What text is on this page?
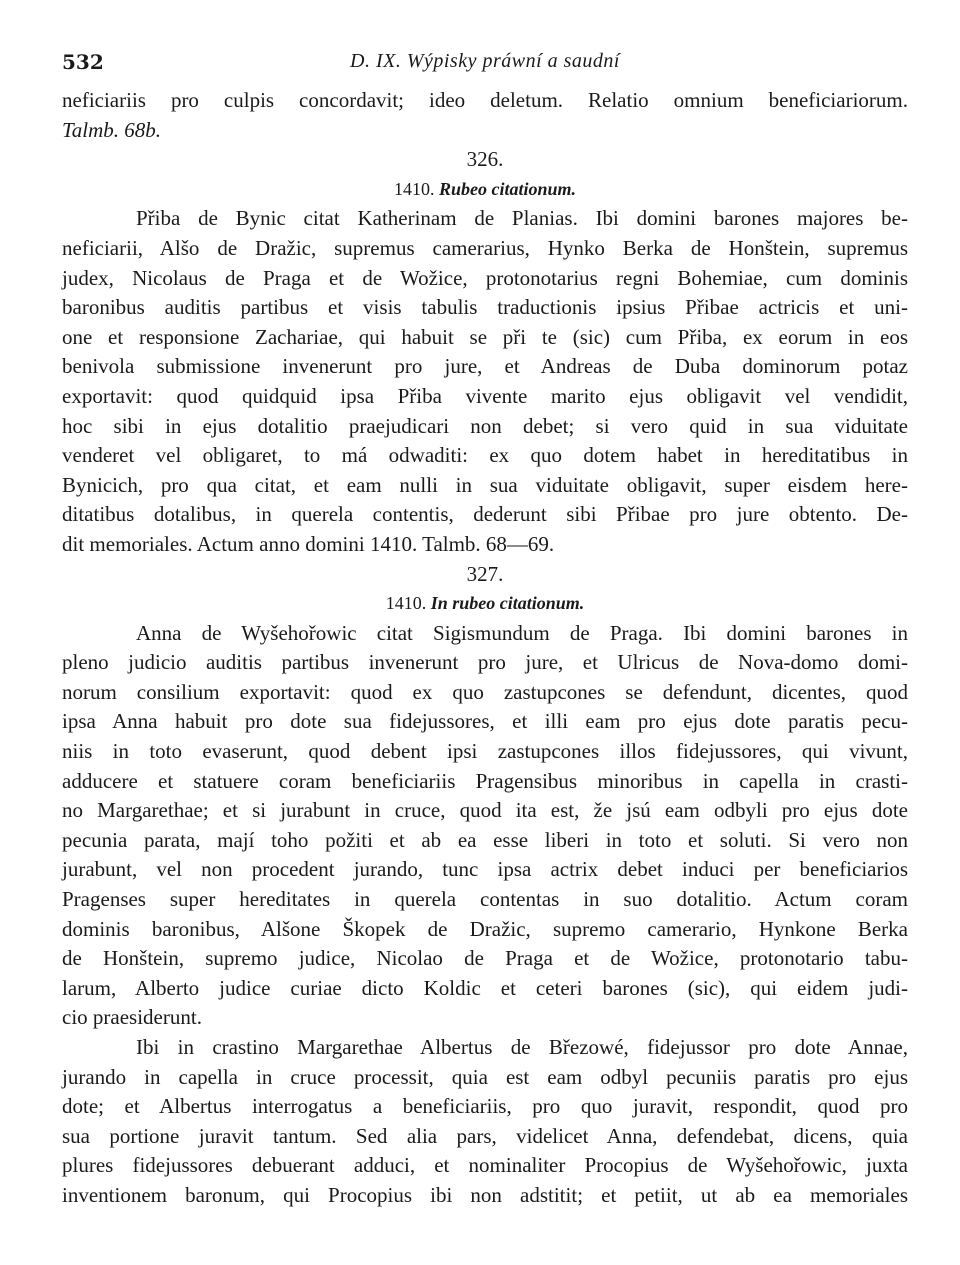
532	D. IX. Wýpisky práwní a saudní
neficiariis pro culpis concordavit; ideo deletum. Relatio omnium beneficiariorum.
Talmb. 68b.
326.
1410. Rubeo citationum.
Přiba de Bynic citat Katherinam de Planias. Ibi domini barones majores be-
neficiarii, Alšo de Dražic, supremus camerarius, Hynko Berka de Honštein, supremus
judex, Nicolaus de Praga et de Wožice, protonotarius regni Bohemiae, cum dominis
baronibus auditis partibus et visis tabulis traductionis ipsius Přibae actricis et uni-
one et responsione Zachariae, qui habuit se při te (sic) cum Přiba, ex eorum in eos
benivola submissione invenerunt pro jure, et Andreas de Duba dominorum potaz
exportavit: quod quidquid ipsa Přiba vivente marito ejus obligavit vel vendidit,
hoc sibi in ejus dotalitio praejudicari non debet; si vero quid in sua viduitate
venderet vel obligaret, to má odwaditi: ex quo dotem habet in hereditatibus in
Bynicich, pro qua citat, et eam nulli in sua viduitate obligavit, super eisdem here-
ditatibus dotalibus, in querela contentis, dederunt sibi Přibae pro jure obtento. De-
dit memoriales. Actum anno domini 1410. Talmb. 68—69.
327.
1410. In rubeo citationum.
Anna de Wyšehořowic citat Sigismundum de Praga. Ibi domini barones in
pleno judicio auditis partibus invenerunt pro jure, et Ulricus de Nova-domo domi-
norum consilium exportavit: quod ex quo zastupcones se defendunt, dicentes, quod
ipsa Anna habuit pro dote sua fidejussores, et illi eam pro ejus dote paratis pecu-
niis in toto evaserunt, quod debent ipsi zastupcones illos fidejussores, qui vivunt,
adducere et statuere coram beneficiariis Pragensibus minoribus in capella in crasti-
no Margarethae; et si jurabunt in cruce, quod ita est, že jsú eam odbyli pro ejus dote
pecunia parata, mají toho požiti et ab ea esse liberi in toto et soluti. Si vero non
jurabunt, vel non procedent jurando, tunc ipsa actrix debet induci per beneficiarios
Pragenses super hereditates in querela contentas in suo dotalitio. Actum coram
dominis baronibus, Alšone Škopek de Dražic, supremo camerario, Hynkone Berka
de Honštein, supremo judice, Nicolao de Praga et de Wožice, protonotario tabu-
larum, Alberto judice curiae dicto Koldic et ceteri barones (sic), qui eidem judi-
cio praesiderunt.
Ibi in crastino Margarethae Albertus de Březowé, fidejussor pro dote Annae,
jurando in capella in cruce processit, quia est eam odbyl pecuniis paratis pro ejus
dote; et Albertus interrogatus a beneficiariis, pro quo juravit, respondit, quod pro
sua portione juravit tantum. Sed alia pars, videlicet Anna, defendebat, dicens, quia
plures fidejussores debuerant adduci, et nominaliter Procopius de Wyšehořowic, juxta
inventionem baronum, qui Procopius ibi non adstitit; et petiit, ut ab ea memoriales
